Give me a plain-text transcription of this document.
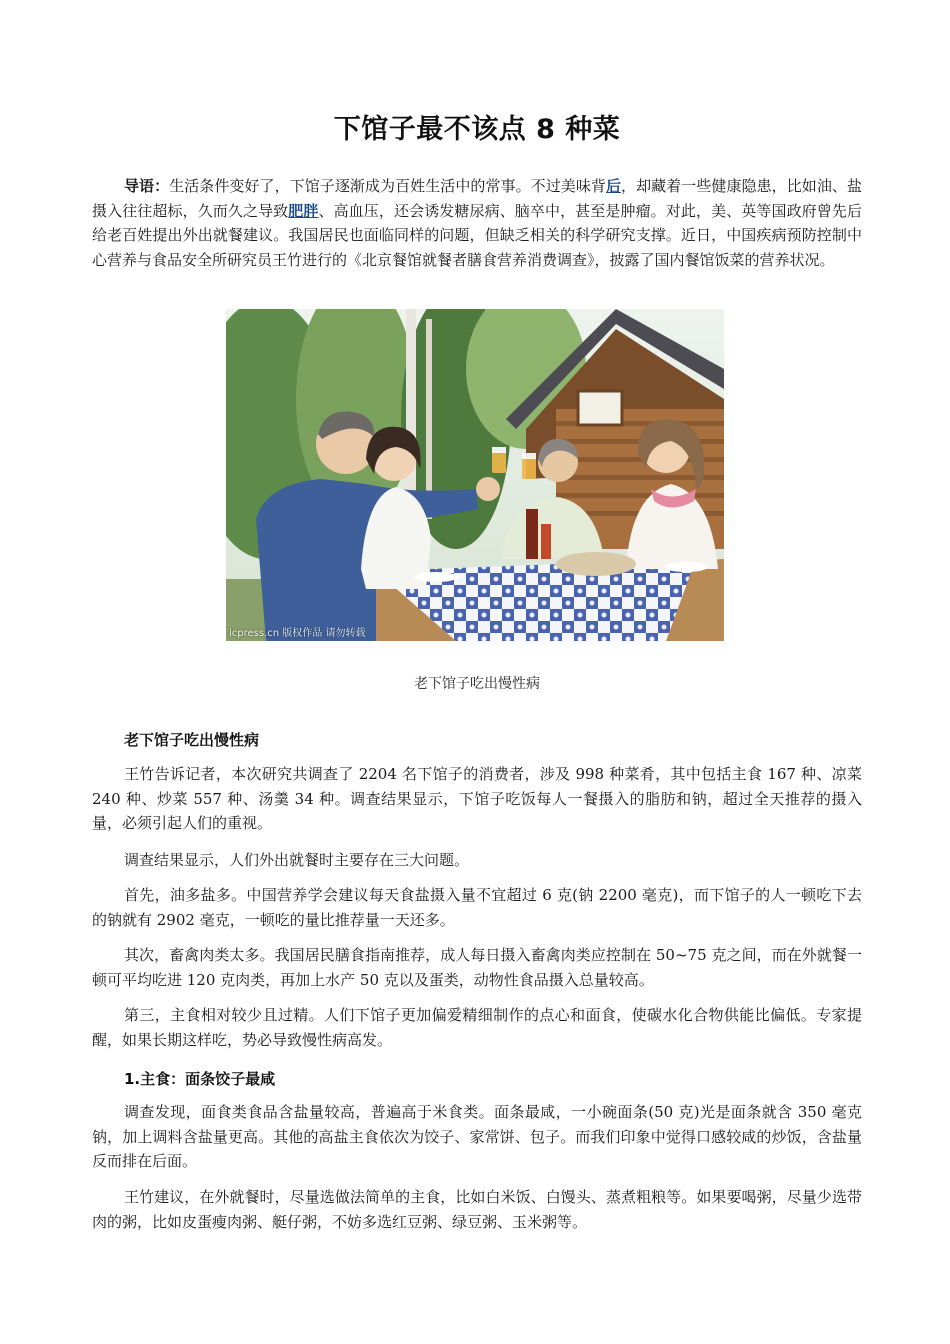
下馆子最不该点 8 种菜

导语：生活条件变好了，下馆子逐渐成为百姓生活中的常事。不过美味背后，却藏着一些健康隐患，比如油、盐摄入往往超标，久而久之导致肥胖、高血压，还会诱发糖尿病、脑卒中，甚至是肿瘤。对此，美、英等国政府曾先后给老百姓提出外出就餐建议。我国居民也面临同样的问题，但缺乏相关的科学研究支撑。近日，中国疾病预防控制中心营养与食品安全所研究员王竹进行的《北京餐馆就餐者膳食营养消费调查》，披露了国内餐馆饭菜的营养状况。

icpress.cn 版权作品 请勿转载
老下馆子吃出慢性病
老下馆子吃出慢性病

王竹告诉记者，本次研究共调查了 2204 名下馆子的消费者，涉及 998 种菜肴，其中包括主食 167 种、凉菜 240 种、炒菜 557 种、汤羹 34 种。调查结果显示，下馆子吃饭每人一餐摄入的脂肪和钠，超过全天推荐的摄入量，必须引起人们的重视。

调查结果显示，人们外出就餐时主要存在三大问题。

首先，油多盐多。中国营养学会建议每天食盐摄入量不宜超过 6 克(钠 2200 毫克)，而下馆子的人一顿吃下去的钠就有 2902 毫克，一顿吃的量比推荐量一天还多。

其次，畜禽肉类太多。我国居民膳食指南推荐，成人每日摄入畜禽肉类应控制在 50~75 克之间，而在外就餐一顿可平均吃进 120 克肉类，再加上水产 50 克以及蛋类，动物性食品摄入总量较高。

第三，主食相对较少且过精。人们下馆子更加偏爱精细制作的点心和面食，使碳水化合物供能比偏低。专家提醒，如果长期这样吃，势必导致慢性病高发。

1.主食：面条饺子最咸

调查发现，面食类食品含盐量较高，普遍高于米食类。面条最咸，一小碗面条(50 克)光是面条就含 350 毫克钠，加上调料含盐量更高。其他的高盐主食依次为饺子、家常饼、包子。而我们印象中觉得口感较咸的炒饭，含盐量反而排在后面。

王竹建议，在外就餐时，尽量选做法简单的主食，比如白米饭、白馒头、蒸煮粗粮等。如果要喝粥，尽量少选带肉的粥，比如皮蛋瘦肉粥、艇仔粥，不妨多选红豆粥、绿豆粥、玉米粥等。
